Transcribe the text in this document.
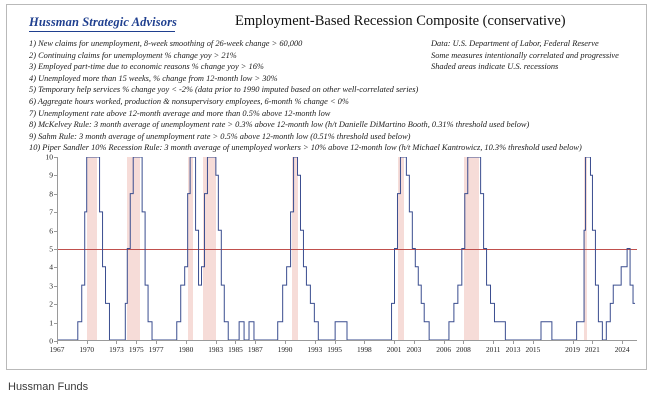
Hussman Strategic Advisors	Employment-Based Recession Composite (conservative)
1) New claims for unemployment, 8-week smoothing of 26-week change > 60,000
2) Continuing claims for unemployment % change yoy > 21%
3) Employed part-time due to economic reasons % change yoy > 16%
4) Unemployed more than 15 weeks, % change from 12-month low > 30%
5) Temporary help services % change yoy < -2% (data prior to 1990 imputed based on other well-correlated series)
6) Aggregate hours worked, production & nonsupervisory employees, 6-month % change < 0%
7) Unemployment rate above 12-month average and more than 0.5% above 12-month low
8) McKelvey Rule: 3 month average of unemployment rate > 0.3% above 12-month low (h/t Danielle DiMartino Booth, 0.31% threshold used below)
9) Sahm Rule: 3 month average of unemployment rate > 0.5% above 12-month low (0.51% threshold used below)
10) Piper Sandler 10% Recession Rule: 3 month average of unemployed workers > 10% above 12-month low (h/t Michael Kantrowicz, 10.3% threshold used below)
Data: U.S. Department of Labor, Federal Reserve
Some measures intentionally correlated and progressive
Shaded areas indicate U.S. recessions
0
1
2
3
4
5
6
7
8
9
10
1967 1970 1973 1975 1977 1980 1983 1985 1987 1990 1993 1995 1998 2001 2003 2006 2008 2011 2013 2015	2019 2021 2024
Hussman Funds
